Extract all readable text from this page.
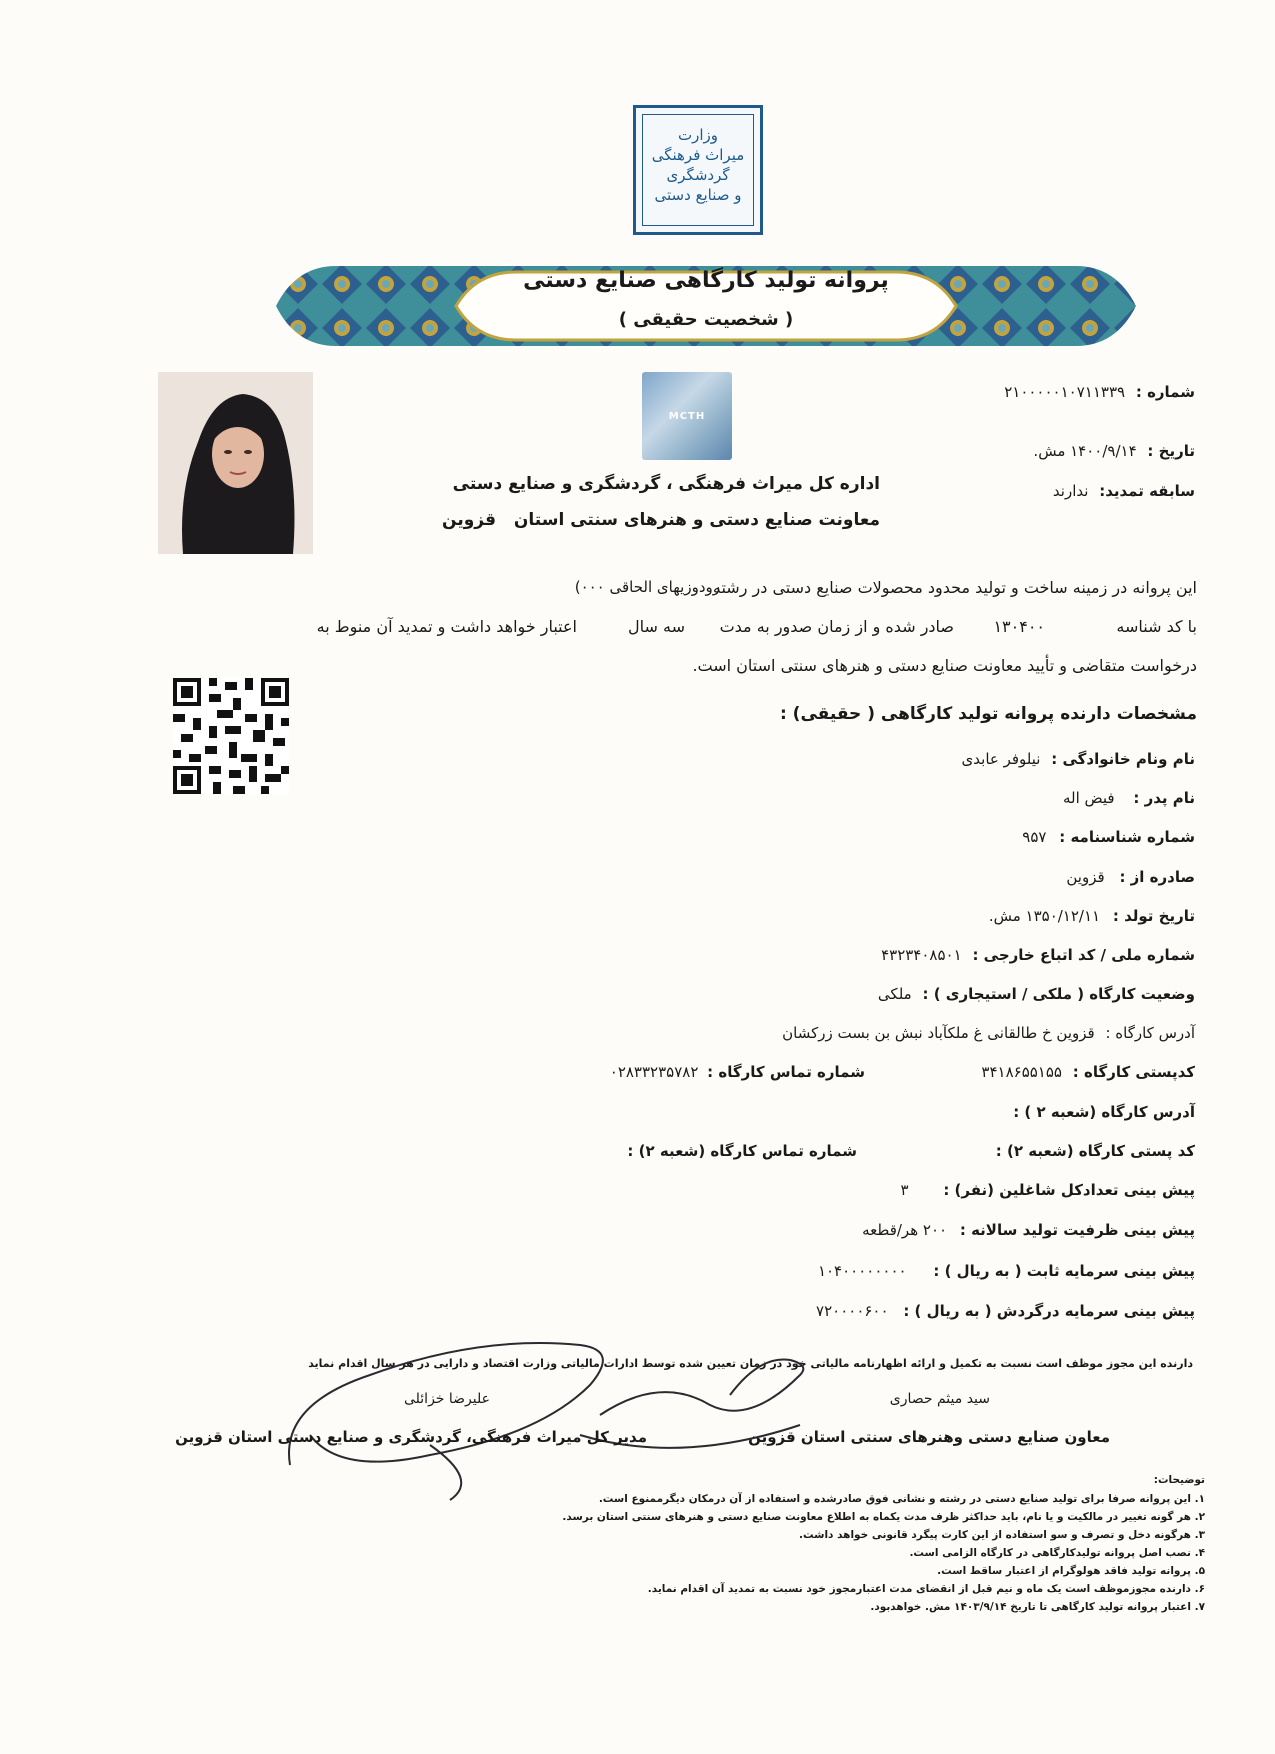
وزارت
میراث فرهنگی
گردشگری
و صنایع دستی
پروانه تولید کارگاهی صنایع دستی
( شخصیت حقیقی )
MCTH
شماره : ۲۱۰۰۰۰۰۱۰۷۱۱۳۳۹
تاریخ : ۱۴۰۰/۹/۱۴ مش.
سابقه تمدید: ندارند
اداره کل میراث فرهنگی ، گردشگری و صنایع دستی
معاونت صنایع دستی و هنرهای سنتی استان قزوین
این پروانه در زمینه ساخت و تولید محدود محصولات صنایع دستی در رشته
رودوزیهای الحاقی ۰۰۰)
با کد شناسه
۱۳۰۴۰۰
صادر شده و از زمان صدور به مدت
سه سال
اعتبار خواهد داشت و تمدید آن منوط به
درخواست متقاضی و تأیید معاونت صنایع دستی و هنرهای سنتی استان است.
مشخصات دارنده پروانه تولید کارگاهی ( حقیقی) :
نام ونام خانوادگی : نیلوفر عابدی
نام پدر : فیض اله
شماره شناسنامه : ۹۵۷
صادره از : قزوین
تاریخ تولد : ۱۳۵۰/۱۲/۱۱ مش.
شماره ملی / کد اتباع خارجی : ۴۳۲۳۴۰۸۵۰۱
وضعیت کارگاه ( ملکی / استیجاری ) : ملکی
آدرس کارگاه : قزوین خ طالقانی غ ملکآباد نبش بن بست زرکشان
کدپستی کارگاه : ۳۴۱۸۶۵۵۱۵۵
شماره تماس کارگاه : ۰۲۸۳۳۲۳۵۷۸۲
آدرس کارگاه (شعبه ۲ ) :
کد پستی کارگاه (شعبه ۲) :
شماره تماس کارگاه (شعبه ۲) :
پیش بینی تعدادکل شاغلین (نفر) : ۳
پیش بینی ظرفیت تولید سالانه : ۲۰۰ هر/قطعه
پیش بینی سرمایه ثابت ( به ریال ) : ۱۰۴۰۰۰۰۰۰۰۰
پیش بینی سرمایه درگردش ( به ریال ) : ۷۲۰۰۰۰۶۰۰
دارنده این مجوز موظف است نسبت به تکمیل و ارائه اظهارنامه مالیاتی خود در زمان تعیین شده توسط ادارات مالیاتی وزارت اقتصاد و دارایی در هر سال اقدام نماید
سید میثم حصاری
معاون صنایع دستی وهنرهای سنتی استان قزوین
علیرضا خزائلی
مدیر کل میراث فرهنگی، گردشگری و صنایع دستی استان قزوین
توضیحات:
۱. این پروانه صرفا برای تولید صنایع دستی در رشته و نشانی فوق صادرشده و استفاده از آن درمکان دیگرممنوع است.
۲. هر گونه تغییر در مالکیت و یا نام، باید حداکثر ظرف مدت یکماه به اطلاع معاونت صنایع دستی و هنرهای سنتی استان برسد.
۳. هرگونه دخل و تصرف و سو استفاده از این کارت پیگرد قانونی خواهد داشت.
۴. نصب اصل پروانه تولیدکارگاهی در کارگاه الزامی است.
۵. پروانه تولید فاقد هولوگرام از اعتبار ساقط است.
۶. دارنده مجوزموظف است یک ماه و نیم قبل از انقضای مدت اعتبارمجوز خود نسبت به تمدید آن اقدام نماید.
۷. اعتبار پروانه تولید کارگاهی تا تاریخ ۱۴۰۳/۹/۱۴ مش. خواهدبود.
